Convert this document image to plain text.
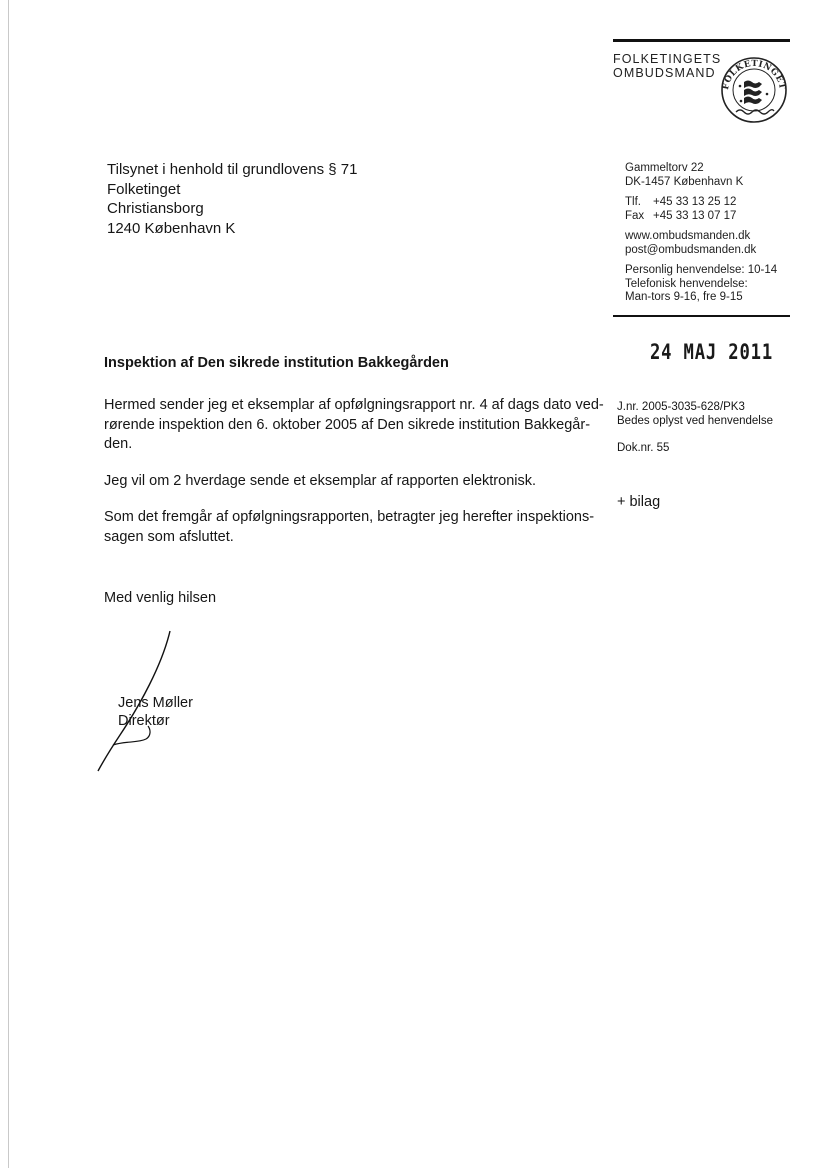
FOLKETINGETS
OMBUDSMAND
FOLKETINGET
Tilsynet i henhold til grundlovens § 71
Folketinget
Christiansborg
1240 København K
Gammeltorv 22
DK-1457 København K
Tlf.	+45 33 13 25 12
Fax +45 33 13 07 17
www.ombudsmanden.dk
post@ombudsmanden.dk
Personlig henvendelse: 10-14
Telefonisk henvendelse:
Man-tors 9-16, fre 9-15
24 MAJ 2011
Inspektion af Den sikrede institution Bakkegården

Hermed sender jeg et eksemplar af opfølgningsrapport nr. 4 af dags dato ved-
rørende inspektion den 6. oktober 2005 af Den sikrede institution Bakkegår-
den.

Jeg vil om 2 hverdage sende et eksemplar af rapporten elektronisk.

Som det fremgår af opfølgningsrapporten, betragter jeg herefter inspektions-
sagen som afsluttet.

J.nr. 2005-3035-628/PK3
Bedes oplyst ved henvendelse
Dok.nr. 55
+ bilag
Med venlig hilsen
Jens Møller
Direktør
